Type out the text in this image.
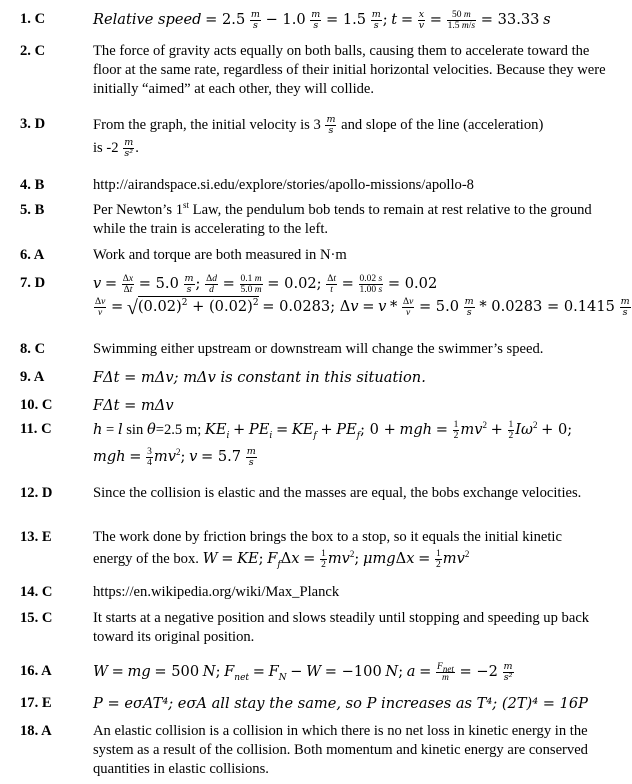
1. C	Relative speed = $2.5 \frac{m}{s} - 1.0 \frac{m}{s} = 1.5 \frac{m}{s}$ ; $t = \frac{x}{v} = \frac{50 m}{1.5 m/s} = 33.33$ s
2. C	The force of gravity acts equally on both balls, causing them to accelerate toward the floor at the same rate, regardless of their initial horizontal velocities. Because they were initially “aimed” at each other, they will collide.
3. D	From the graph, the initial velocity is $3 \frac{m}{s}$ and slope of the line (acceleration)
is $-2 \frac{m}{\text{s²}}$ .
4. B	http://airandspace.si.edu/explore/stories/apollo-missions/apollo-8
5. B	Per Newton’s 1st Law, the pendulum bob tends to remain at rest relative to the ground while the train is accelerating to the left.
6. A	Work and torque are both measured in N·m
7. D	$v = \frac{\Delta x}{\Delta t} = 5.0 \frac{m}{s}$ ; $\frac{\Delta d}{d} = \frac{0.1 m}{5.0 m} = 0.02$; $\frac{\Delta t}{t} = \frac{0.02 s}{1.00 s} = 0.02$
$\frac{\Delta v}{v} = √(0.02)^2 + (0.02)^2 = 0.0283$; $\Delta v = v * \frac{\Delta v}{v} = 5.0 \frac{m}{s} * 0.0283 = 0.1415 \frac{m}{s}$
8. C	Swimming either upstream or downstream will change the swimmer’s speed.
9. A	FΔt = mΔv; mΔv is constant in this situation.
10. C	FΔt = mΔv
11. C	h = l sin θ=2.5 m; $KE_i + PE_i = KE_f + PE_f$; 0 + mgh = $\frac{1}{2} mv^2 + \frac{1}{2} I\omega^2 + 0$;
mgh = $\frac{3}{4} mv^2$; $v = 5.7 \frac{m}{s}$
12. D	Since the collision is elastic and the masses are equal, the bobs exchange velocities.
13. E	The work done by friction brings the box to a stop, so it equals the initial kinetic
energy of the box. W = KE; $F_f\Delta x = \frac{1}{2} mv^2$; $\mu mg\Delta x = \frac{1}{2} mv^2$
14. C	https://en.wikipedia.org/wiki/Max_Planck
15. C	It starts at a negative position and slows steadily until stopping and speeding up back toward its original position.
16. A	W = mg = 500 N; $F_{net} = F_N - W = -100$ N; $a = \frac{F_{net}}{m} = -2 \frac{m}{\text{s²}}$
17. E	P = eσAT⁴; eσA all stay the same, so P increases as T⁴; (2T)⁴ = 16P
18. A	An elastic collision is a collision in which there is no net loss in kinetic energy in the system as a result of the collision. Both momentum and kinetic energy are conserved quantities in elastic collisions.
